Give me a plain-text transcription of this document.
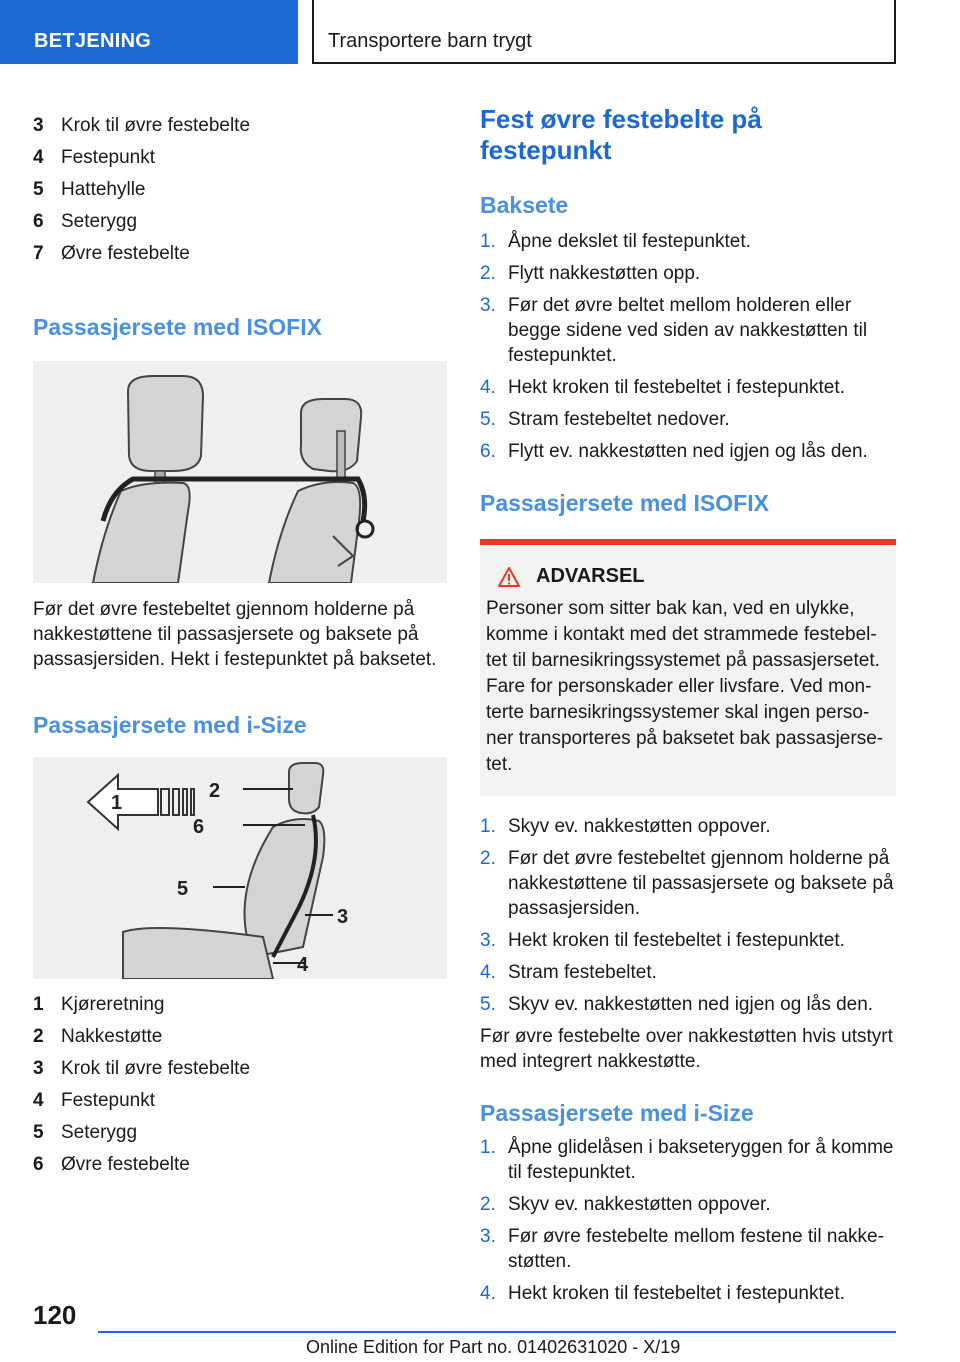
BETJENING	Transportere barn trygt
3 Krok til øvre festebelte
4 Festepunkt
5 Hattehylle
6 Seterygg
7 Øvre festebelte
Passasjersete med ISOFIX

Før det øvre festebeltet gjennom holderne på nakkestøttene til passasjersete og baksete på passasjersiden. Hekt i festepunktet på baksetet.

Passasjersete med i-Size
1
2
6
5
3
4
1 Kjøreretning
2 Nakkestøtte
3 Krok til øvre festebelte
4 Festepunkt
5 Seterygg
6 Øvre festebelte
Fest øvre festebelte på festepunkt
Baksete
1. Åpne dekslet til festepunktet.
2. Flytt nakkestøtten opp.
3. Før det øvre beltet mellom holderen eller begge sidene ved siden av nakkestøtten til festepunktet.
4. Hekt kroken til festebeltet i festepunktet.
5. Stram festebeltet nedover.
6. Flytt ev. nakkestøtten ned igjen og lås den.
Passasjersete med ISOFIX
ADVARSEL

Personer som sitter bak kan, ved en ulykke, komme i kontakt med det strammede festebel-tet til barnesikringssystemet på passasjersetet. Fare for personskader eller livsfare. Ved mon-terte barnesikringssystemer skal ingen perso-ner transporteres på baksetet bak passasjerse-tet.

1. Skyv ev. nakkestøtten oppover.
2. Før det øvre festebeltet gjennom holderne på nakkestøttene til passasjersete og baksete på passasjersiden.
3. Hekt kroken til festebeltet i festepunktet.
4. Stram festebeltet.
5. Skyv ev. nakkestøtten ned igjen og lås den.

Før øvre festebelte over nakkestøtten hvis utstyrt med integrert nakkestøtte.

Passasjersete med i-Size
1. Åpne glidelåsen i bakseteryggen for å komme til festepunktet.
2. Skyv ev. nakkestøtten oppover.
3. Før øvre festebelte mellom festene til nakke-støtten.
4. Hekt kroken til festebeltet i festepunktet.
120
Online Edition for Part no. 01402631020 - X/19
